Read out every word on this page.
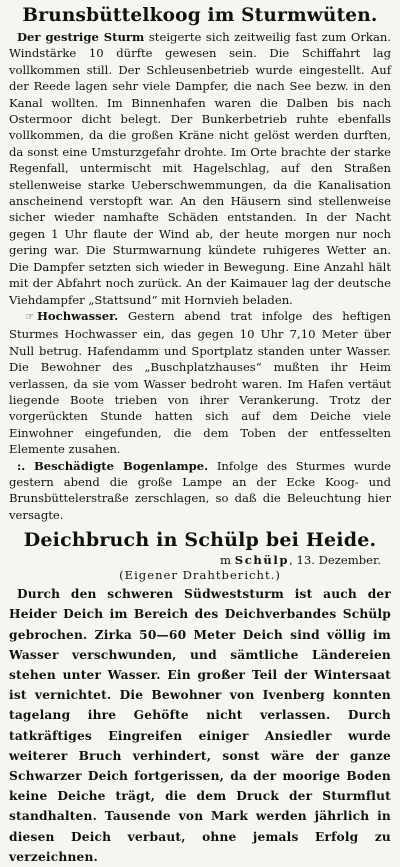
Brunsbüttelkoog im Sturmwüten.

Der gestrige Sturm steigerte sich zeitweilig fast zum Orkan. Windstärke 10 dürfte gewesen sein. Die Schiffahrt lag vollkommen still. Der Schleusenbetrieb wurde eingestellt. Auf der Reede lagen sehr viele Dampfer, die nach See bezw. in den Kanal wollten. Im Binnenhafen waren die Dalben bis nach Ostermoor dicht belegt. Der Bunkerbetrieb ruhte ebenfalls vollkommen, da die großen Kräne nicht gelöst werden durften, da sonst eine Umsturzgefahr drohte. Im Orte brachte der starke Regenfall, untermischt mit Hagelschlag, auf den Straßen stellenweise starke Ueberschwemmungen, da die Kanalisation anscheinend verstopft war. An den Häusern sind stellenweise sicher wieder namhafte Schäden entstanden. In der Nacht gegen 1 Uhr flaute der Wind ab, der heute morgen nur noch gering war. Die Sturmwarnung kündete ruhigeres Wetter an. Die Dampfer setzten sich wieder in Bewegung. Eine Anzahl hält mit der Abfahrt noch zurück. An der Kaimauer lag der deutsche Viehdampfer „Stattsund“ mit Hornvieh beladen.

☞ Hochwasser. Gestern abend trat infolge des heftigen Sturmes Hochwasser ein, das gegen 10 Uhr 7,10 Meter über Null betrug. Hafendamm und Sportplatz standen unter Wasser. Die Bewohner des „Buschplatzhauses“ mußten ihr Heim verlassen, da sie vom Wasser bedroht waren. Im Hafen vertäut liegende Boote trieben von ihrer Verankerung. Trotz der vorgerückten Stunde hatten sich auf dem Deiche viele Einwohner eingefunden, die dem Toben der entfesselten Elemente zusahen.

:. Beschädigte Bogenlampe. Infolge des Sturmes wurde gestern abend die große Lampe an der Ecke Koog- und Brunsbüttelerstraße zerschlagen, so daß die Beleuchtung hier versagte.

Deichbruch in Schülp bei Heide.
m Schülp, 13. Dezember.
(Eigener Drahtbericht.)

Durch den schweren Südweststurm ist auch der Heider Deich im Bereich des Deichverbandes Schülp gebrochen. Zirka 50—60 Meter Deich sind völlig im Wasser verschwunden, und sämtliche Ländereien stehen unter Wasser. Ein großer Teil der Wintersaat ist vernichtet. Die Bewohner von Ivenberg konnten tagelang ihre Gehöfte nicht verlassen. Durch tatkräftiges Eingreifen einiger Ansiedler wurde weiterer Bruch verhindert, sonst wäre der ganze Schwarzer Deich fortgerissen, da der moorige Boden keine Deiche trägt, die dem Druck der Sturmflut standhalten. Tausende von Mark werden jährlich in diesen Deich verbaut, ohne jemals Erfolg zu verzeichnen.
